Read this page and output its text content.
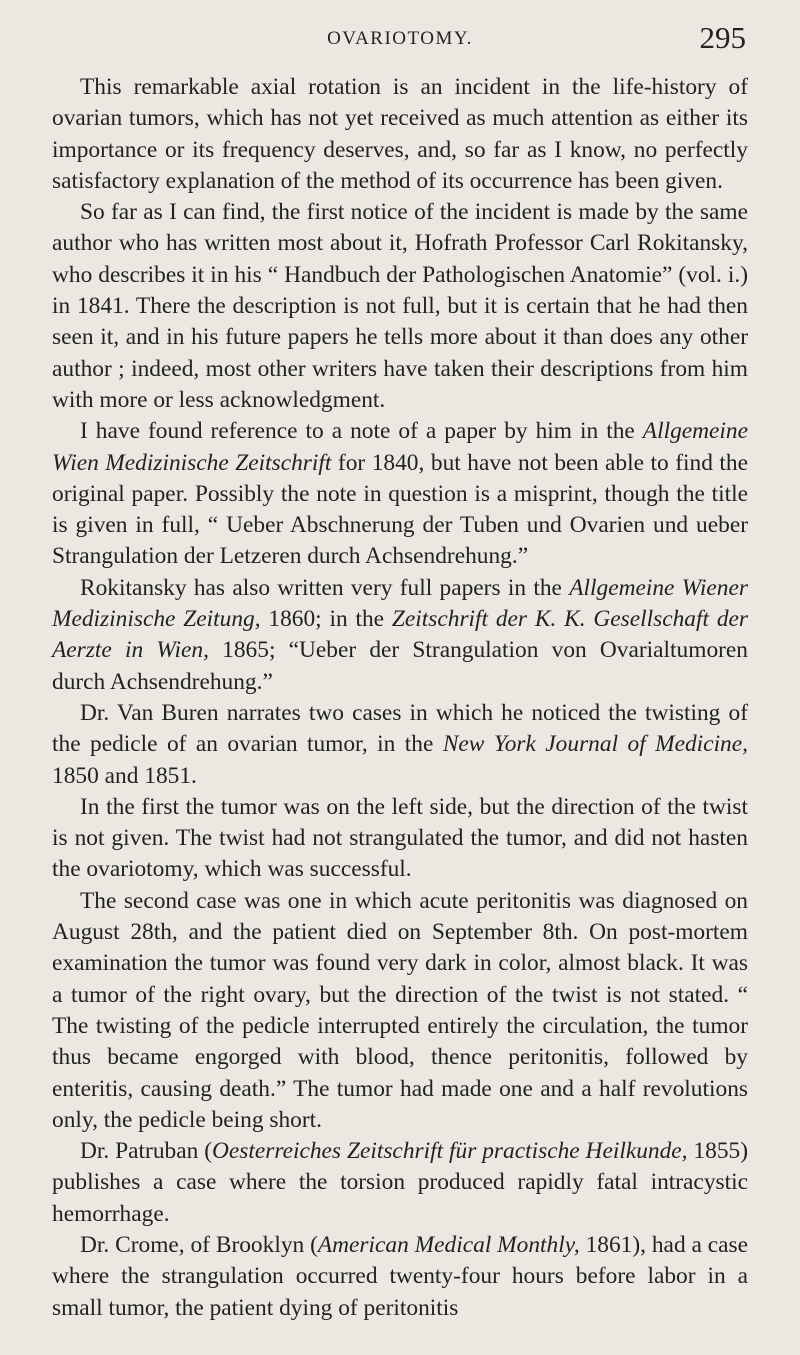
OVARIOTOMY.	295

This remarkable axial rotation is an incident in the life-history of ovarian tumors, which has not yet received as much attention as either its importance or its frequency deserves, and, so far as I know, no perfectly satisfactory explanation of the method of its occurrence has been given.

So far as I can find, the first notice of the incident is made by the same author who has written most about it, Hofrath Professor Carl Rokitansky, who describes it in his “ Handbuch der Pathologischen Anatomie” (vol. i.) in 1841. There the description is not full, but it is certain that he had then seen it, and in his future papers he tells more about it than does any other author ; indeed, most other writers have taken their descriptions from him with more or less acknowledgment.

I have found reference to a note of a paper by him in the Allgemeine Wien Medizinische Zeitschrift for 1840, but have not been able to find the original paper. Possibly the note in question is a misprint, though the title is given in full, “ Ueber Abschnerung der Tuben und Ovarien und ueber Strangulation der Letzeren durch Achsendrehung.”

Rokitansky has also written very full papers in the Allgemeine Wiener Medizinische Zeitung, 1860; in the Zeitschrift der K. K. Gesellschaft der Aerzte in Wien, 1865; “Ueber der Strangulation von Ovarialtumoren durch Achsendrehung.”

Dr. Van Buren narrates two cases in which he noticed the twisting of the pedicle of an ovarian tumor, in the New York Journal of Medicine, 1850 and 1851.

In the first the tumor was on the left side, but the direction of the twist is not given. The twist had not strangulated the tumor, and did not hasten the ovariotomy, which was successful.

The second case was one in which acute peritonitis was diagnosed on August 28th, and the patient died on September 8th. On post-mortem examination the tumor was found very dark in color, almost black. It was a tumor of the right ovary, but the direction of the twist is not stated. “ The twisting of the pedicle interrupted entirely the circulation, the tumor thus became engorged with blood, thence peritonitis, followed by enteritis, causing death.” The tumor had made one and a half revolutions only, the pedicle being short.

Dr. Patruban (Oesterreiches Zeitschrift für practische Heilkunde, 1855) publishes a case where the torsion produced rapidly fatal intracystic hemorrhage.

Dr. Crome, of Brooklyn (American Medical Monthly, 1861), had a case where the strangulation occurred twenty-four hours before labor in a small tumor, the patient dying of peritonitis
